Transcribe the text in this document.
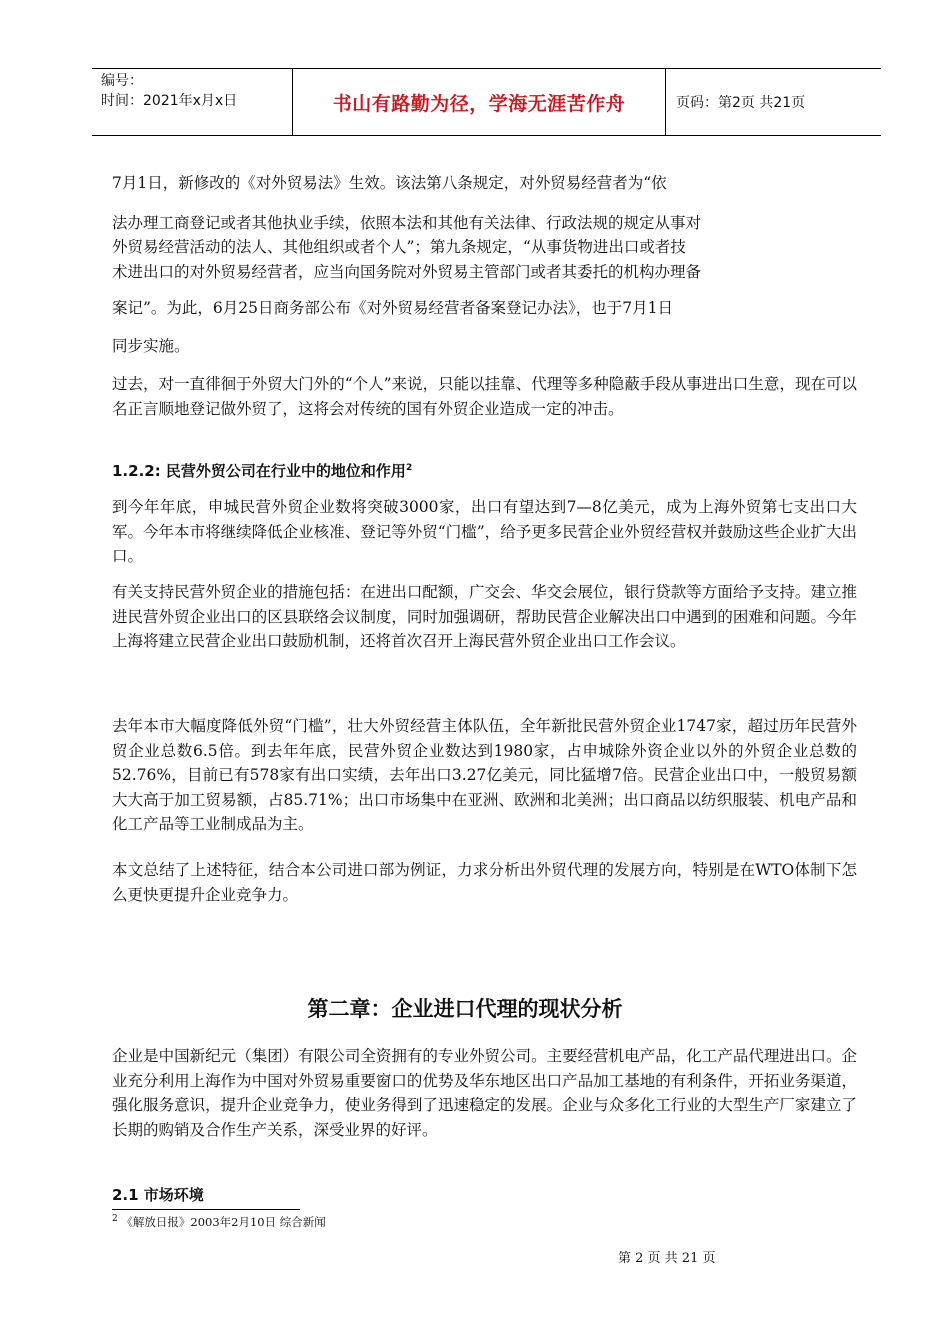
编号：
时间：2021年x月x日	书山有路勤为径，学海无涯苦作舟	页码：第2页 共21页

7月1日，新修改的《对外贸易法》生效。该法第八条规定，对外贸易经营者为“依

法办理工商登记或者其他执业手续，依照本法和其他有关法律、行政法规的规定从事对

外贸易经营活动的法人、其他组织或者个人”；第九条规定，“从事货物进出口或者技

术进出口的对外贸易经营者，应当向国务院对外贸易主管部门或者其委托的机构办理备

案记”。为此，6月25日商务部公布《对外贸易经营者备案登记办法》，也于7月1日

同步实施。

过去，对一直徘徊于外贸大门外的“个人”来说，只能以挂靠、代理等多种隐蔽手段从事进出口生意，现在可以名正言顺地登记做外贸了，这将会对传统的国有外贸企业造成一定的冲击。

1.2.2: 民营外贸公司在行业中的地位和作用$^2$

到今年年底，申城民营外贸企业数将突破3000家，出口有望达到7—8亿美元，成为上海外贸第七支出口大军。今年本市将继续降低企业核准、登记等外贸“门槛”，给予更多民营企业外贸经营权并鼓励这些企业扩大出口。

有关支持民营外贸企业的措施包括：在进出口配额，广交会、华交会展位，银行贷款等方面给予支持。建立推进民营外贸企业出口的区县联络会议制度，同时加强调研，帮助民营企业解决出口中遇到的困难和问题。今年上海将建立民营企业出口鼓励机制，还将首次召开上海民营外贸企业出口工作会议。

去年本市大幅度降低外贸“门槛”，壮大外贸经营主体队伍，全年新批民营外贸企业1747家，超过历年民营外贸企业总数6.5倍。到去年年底，民营外贸企业数达到1980家，占申城除外资企业以外的外贸企业总数的52.76%，目前已有578家有出口实绩，去年出口3.27亿美元，同比猛增7倍。民营企业出口中，一般贸易额大大高于加工贸易额，占85.71%；出口市场集中在亚洲、欧洲和北美洲；出口商品以纺织服装、机电产品和化工产品等工业制成品为主。

本文总结了上述特征，结合本公司进口部为例证，力求分析出外贸代理的发展方向，特别是在WTO体制下怎么更快更提升企业竞争力。

第二章：企业进口代理的现状分析

企业是中国新纪元（集团）有限公司全资拥有的专业外贸公司。主要经营机电产品，化工产品代理进出口。企业充分利用上海作为中国对外贸易重要窗口的优势及华东地区出口产品加工基地的有利条件，开拓业务渠道，强化服务意识，提升企业竞争力，使业务得到了迅速稳定的发展。企业与众多化工行业的大型生产厂家建立了长期的购销及合作生产关系，深受业界的好评。

2.1 市场环境

$^2$ 《解放日报》2003年2月10日 综合新闻

第 2 页 共 21 页
